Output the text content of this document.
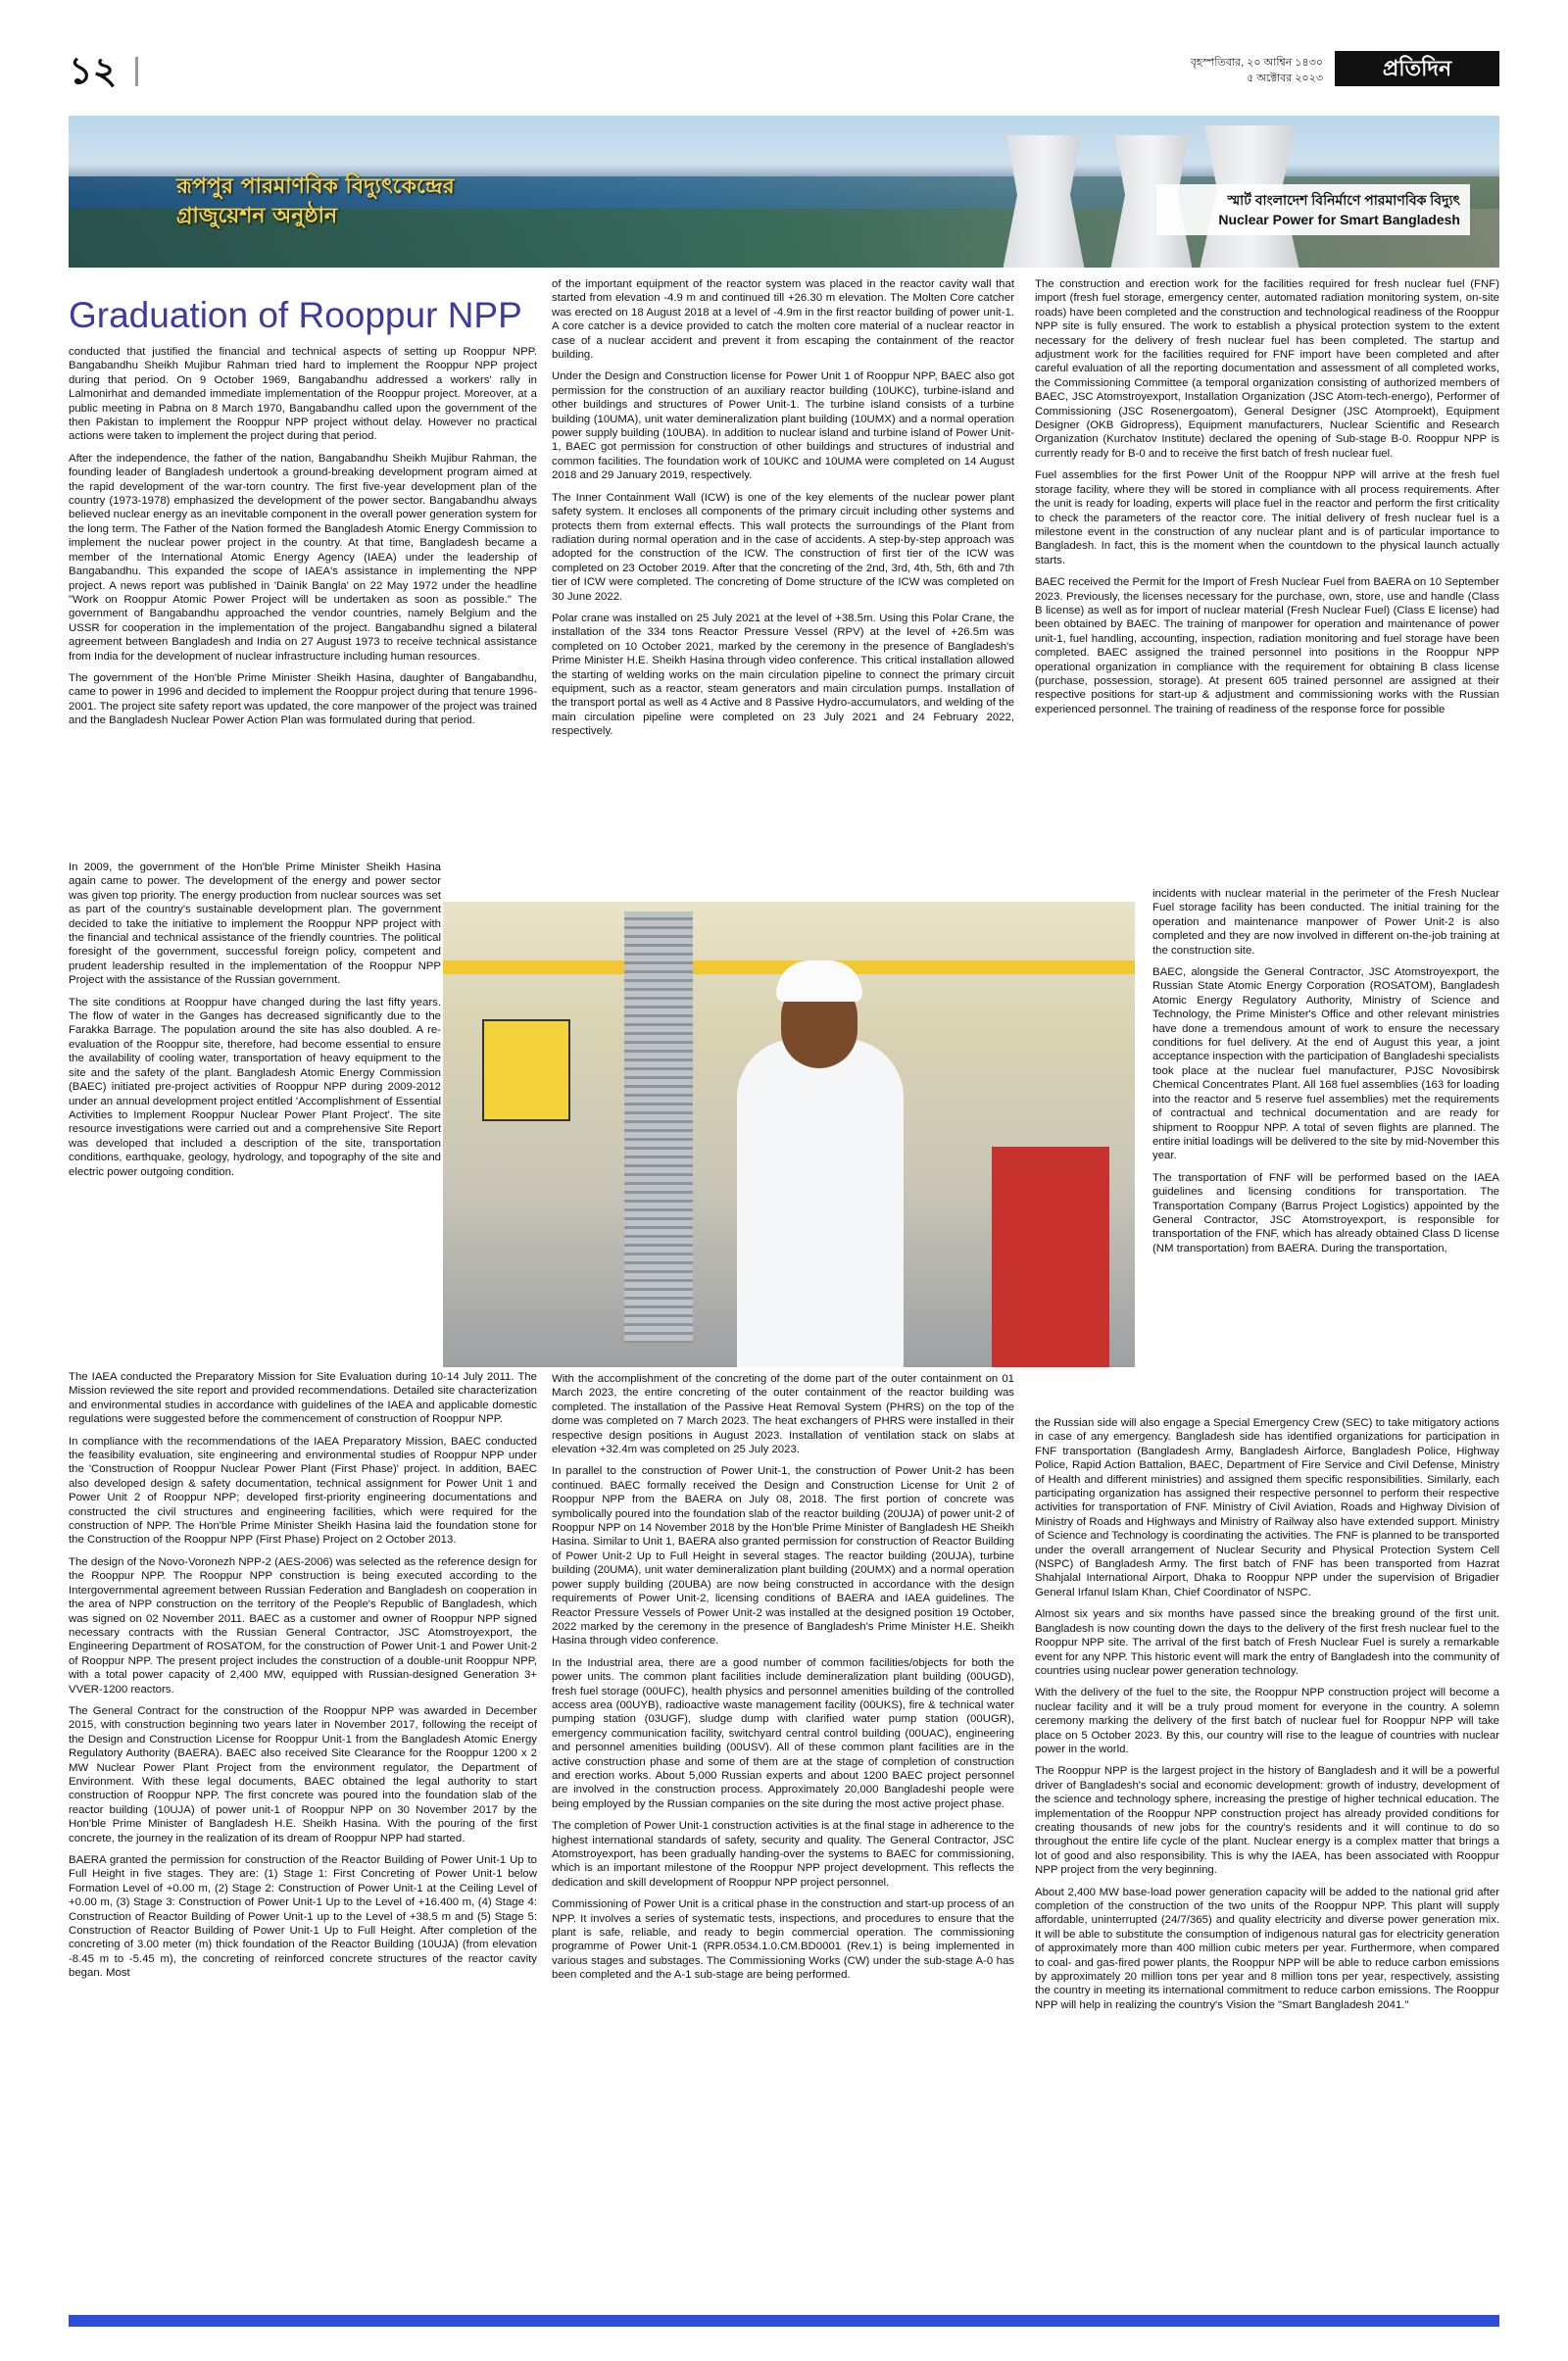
১২	বৃহস্পতিবার, ২০ আশ্বিন ১৪৩০
৫ অক্টোবর ২০২৩	প্রতিদিন
রূপপুর পারমাণবিক বিদ্যুৎকেন্দ্রের
গ্রাজুয়েশন অনুষ্ঠান
স্মার্ট বাংলাদেশ বিনির্মাণে পারমাণবিক বিদ্যুৎ
Nuclear Power for Smart Bangladesh
Graduation of Rooppur NPP

conducted that justified the financial and technical aspects of setting up Rooppur NPP. Bangabandhu Sheikh Mujibur Rahman tried hard to implement the Rooppur NPP project during that period. On 9 October 1969, Bangabandhu addressed a workers' rally in Lalmonirhat and demanded immediate implementation of the Rooppur project. Moreover, at a public meeting in Pabna on 8 March 1970, Bangabandhu called upon the government of the then Pakistan to implement the Rooppur NPP project without delay. However no practical actions were taken to implement the project during that period.

After the independence, the father of the nation, Bangabandhu Sheikh Mujibur Rahman, the founding leader of Bangladesh undertook a ground-breaking development program aimed at the rapid development of the war-torn country. The first five-year development plan of the country (1973-1978) emphasized the development of the power sector. Bangabandhu always believed nuclear energy as an inevitable component in the overall power generation system for the long term. The Father of the Nation formed the Bangladesh Atomic Energy Commission to implement the nuclear power project in the country. At that time, Bangladesh became a member of the International Atomic Energy Agency (IAEA) under the leadership of Bangabandhu. This expanded the scope of IAEA's assistance in implementing the NPP project. A news report was published in 'Dainik Bangla' on 22 May 1972 under the headline "Work on Rooppur Atomic Power Project will be undertaken as soon as possible." The government of Bangabandhu approached the vendor countries, namely Belgium and the USSR for cooperation in the implementation of the project. Bangabandhu signed a bilateral agreement between Bangladesh and India on 27 August 1973 to receive technical assistance from India for the development of nuclear infrastructure including human resources.

The government of the Hon'ble Prime Minister Sheikh Hasina, daughter of Bangabandhu, came to power in 1996 and decided to implement the Rooppur project during that tenure 1996-2001. The project site safety report was updated, the core manpower of the project was trained and the Bangladesh Nuclear Power Action Plan was formulated during that period.

In 2009, the government of the Hon'ble Prime Minister Sheikh Hasina again came to power. The development of the energy and power sector was given top priority. The energy production from nuclear sources was set as part of the country's sustainable development plan. The government decided to take the initiative to implement the Rooppur NPP project with the financial and technical assistance of the friendly countries. The political foresight of the government, successful foreign policy, competent and prudent leadership resulted in the implementation of the Rooppur NPP Project with the assistance of the Russian government.

The site conditions at Rooppur have changed during the last fifty years. The flow of water in the Ganges has decreased significantly due to the Farakka Barrage. The population around the site has also doubled. A re-evaluation of the Rooppur site, therefore, had become essential to ensure the availability of cooling water, transportation of heavy equipment to the site and the safety of the plant. Bangladesh Atomic Energy Commission (BAEC) initiated pre-project activities of Rooppur NPP during 2009-2012 under an annual development project entitled 'Accomplishment of Essential Activities to Implement Rooppur Nuclear Power Plant Project'. The site resource investigations were carried out and a comprehensive Site Report was developed that included a description of the site, transportation conditions, earthquake, geology, hydrology, and topography of the site and electric power outgoing condition.

The IAEA conducted the Preparatory Mission for Site Evaluation during 10-14 July 2011. The Mission reviewed the site report and provided recommendations. Detailed site characterization and environmental studies in accordance with guidelines of the IAEA and applicable domestic regulations were suggested before the commencement of construction of Rooppur NPP.

In compliance with the recommendations of the IAEA Preparatory Mission, BAEC conducted the feasibility evaluation, site engineering and environmental studies of Rooppur NPP under the 'Construction of Rooppur Nuclear Power Plant (First Phase)' project. In addition, BAEC also developed design & safety documentation, technical assignment for Power Unit 1 and Power Unit 2 of Rooppur NPP; developed first-priority engineering documentations and constructed the civil structures and engineering facilities, which were required for the construction of NPP. The Hon'ble Prime Minister Sheikh Hasina laid the foundation stone for the Construction of the Rooppur NPP (First Phase) Project on 2 October 2013.

The design of the Novo-Voronezh NPP-2 (AES-2006) was selected as the reference design for the Rooppur NPP. The Rooppur NPP construction is being executed according to the Intergovernmental agreement between Russian Federation and Bangladesh on cooperation in the area of NPP construction on the territory of the People's Republic of Bangladesh, which was signed on 02 November 2011. BAEC as a customer and owner of Rooppur NPP signed necessary contracts with the Russian General Contractor, JSC Atomstroyexport, the Engineering Department of ROSATOM, for the construction of Power Unit-1 and Power Unit-2 of Rooppur NPP. The present project includes the construction of a double-unit Rooppur NPP, with a total power capacity of 2,400 MW, equipped with Russian-designed Generation 3+ VVER-1200 reactors.

The General Contract for the construction of the Rooppur NPP was awarded in December 2015, with construction beginning two years later in November 2017, following the receipt of the Design and Construction License for Rooppur Unit-1 from the Bangladesh Atomic Energy Regulatory Authority (BAERA). BAEC also received Site Clearance for the Rooppur 1200 x 2 MW Nuclear Power Plant Project from the environment regulator, the Department of Environment. With these legal documents, BAEC obtained the legal authority to start construction of Rooppur NPP. The first concrete was poured into the foundation slab of the reactor building (10UJA) of power unit-1 of Rooppur NPP on 30 November 2017 by the Hon'ble Prime Minister of Bangladesh H.E. Sheikh Hasina. With the pouring of the first concrete, the journey in the realization of its dream of Rooppur NPP had started.

BAERA granted the permission for construction of the Reactor Building of Power Unit-1 Up to Full Height in five stages. They are: (1) Stage 1: First Concreting of Power Unit-1 below Formation Level of +0.00 m, (2) Stage 2: Construction of Power Unit-1 at the Ceiling Level of +0.00 m, (3) Stage 3: Construction of Power Unit-1 Up to the Level of +16.400 m, (4) Stage 4: Construction of Reactor Building of Power Unit-1 up to the Level of +38.5 m and (5) Stage 5: Construction of Reactor Building of Power Unit-1 Up to Full Height. After completion of the concreting of 3.00 meter (m) thick foundation of the Reactor Building (10UJA) (from elevation -8.45 m to -5.45 m), the concreting of reinforced concrete structures of the reactor cavity began. Most

of the important equipment of the reactor system was placed in the reactor cavity wall that started from elevation -4.9 m and continued till +26.30 m elevation. The Molten Core catcher was erected on 18 August 2018 at a level of -4.9m in the first reactor building of power unit-1. A core catcher is a device provided to catch the molten core material of a nuclear reactor in case of a nuclear accident and prevent it from escaping the containment of the reactor building.

Under the Design and Construction license for Power Unit 1 of Rooppur NPP, BAEC also got permission for the construction of an auxiliary reactor building (10UKC), turbine-island and other buildings and structures of Power Unit-1. The turbine island consists of a turbine building (10UMA), unit water demineralization plant building (10UMX) and a normal operation power supply building (10UBA). In addition to nuclear island and turbine island of Power Unit-1, BAEC got permission for construction of other buildings and structures of industrial and common facilities. The foundation work of 10UKC and 10UMA were completed on 14 August 2018 and 29 January 2019, respectively.

The Inner Containment Wall (ICW) is one of the key elements of the nuclear power plant safety system. It encloses all components of the primary circuit including other systems and protects them from external effects. This wall protects the surroundings of the Plant from radiation during normal operation and in the case of accidents. A step-by-step approach was adopted for the construction of the ICW. The construction of first tier of the ICW was completed on 23 October 2019. After that the concreting of the 2nd, 3rd, 4th, 5th, 6th and 7th tier of ICW were completed. The concreting of Dome structure of the ICW was completed on 30 June 2022.

Polar crane was installed on 25 July 2021 at the level of +38.5m. Using this Polar Crane, the installation of the 334 tons Reactor Pressure Vessel (RPV) at the level of +26.5m was completed on 10 October 2021, marked by the ceremony in the presence of Bangladesh's Prime Minister H.E. Sheikh Hasina through video conference. This critical installation allowed the starting of welding works on the main circulation pipeline to connect the primary circuit equipment, such as a reactor, steam generators and main circulation pumps. Installation of the transport portal as well as 4 Active and 8 Passive Hydro-accumulators, and welding of the main circulation pipeline were completed on 23 July 2021 and 24 February 2022, respectively.

With the accomplishment of the concreting of the dome part of the outer containment on 01 March 2023, the entire concreting of the outer containment of the reactor building was completed. The installation of the Passive Heat Removal System (PHRS) on the top of the dome was completed on 7 March 2023. The heat exchangers of PHRS were installed in their respective design positions in August 2023. Installation of ventilation stack on slabs at elevation +32.4m was completed on 25 July 2023.

In parallel to the construction of Power Unit-1, the construction of Power Unit-2 has been continued. BAEC formally received the Design and Construction License for Unit 2 of Rooppur NPP from the BAERA on July 08, 2018. The first portion of concrete was symbolically poured into the foundation slab of the reactor building (20UJA) of power unit-2 of Rooppur NPP on 14 November 2018 by the Hon'ble Prime Minister of Bangladesh HE Sheikh Hasina. Similar to Unit 1, BAERA also granted permission for construction of Reactor Building of Power Unit-2 Up to Full Height in several stages. The reactor building (20UJA), turbine building (20UMA), unit water demineralization plant building (20UMX) and a normal operation power supply building (20UBA) are now being constructed in accordance with the design requirements of Power Unit-2, licensing conditions of BAERA and IAEA guidelines. The Reactor Pressure Vessels of Power Unit-2 was installed at the designed position 19 October, 2022 marked by the ceremony in the presence of Bangladesh's Prime Minister H.E. Sheikh Hasina through video conference.

In the Industrial area, there are a good number of common facilities/objects for both the power units. The common plant facilities include demineralization plant building (00UGD), fresh fuel storage (00UFC), health physics and personnel amenities building of the controlled access area (00UYB), radioactive waste management facility (00UKS), fire & technical water pumping station (03UGF), sludge dump with clarified water pump station (00UGR), emergency communication facility, switchyard central control building (00UAC), engineering and personnel amenities building (00USV). All of these common plant facilities are in the active construction phase and some of them are at the stage of completion of construction and erection works. About 5,000 Russian experts and about 1200 BAEC project personnel are involved in the construction process. Approximately 20,000 Bangladeshi people were being employed by the Russian companies on the site during the most active project phase.

The completion of Power Unit-1 construction activities is at the final stage in adherence to the highest international standards of safety, security and quality. The General Contractor, JSC Atomstroyexport, has been gradually handing-over the systems to BAEC for commissioning, which is an important milestone of the Rooppur NPP project development. This reflects the dedication and skill development of Rooppur NPP project personnel.

Commissioning of Power Unit is a critical phase in the construction and start-up process of an NPP. It involves a series of systematic tests, inspections, and procedures to ensure that the plant is safe, reliable, and ready to begin commercial operation. The commissioning programme of Power Unit-1 (RPR.0534.1.0.CM.BD0001 (Rev.1) is being implemented in various stages and substages. The Commissioning Works (CW) under the sub-stage A-0 has been completed and the A-1 sub-stage are being performed.

The construction and erection work for the facilities required for fresh nuclear fuel (FNF) import (fresh fuel storage, emergency center, automated radiation monitoring system, on-site roads) have been completed and the construction and technological readiness of the Rooppur NPP site is fully ensured. The work to establish a physical protection system to the extent necessary for the delivery of fresh nuclear fuel has been completed. The startup and adjustment work for the facilities required for FNF import have been completed and after careful evaluation of all the reporting documentation and assessment of all completed works, the Commissioning Committee (a temporal organization consisting of authorized members of BAEC, JSC Atomstroyexport, Installation Organization (JSC Atom-tech-energo), Performer of Commissioning (JSC Rosenergoatom), General Designer (JSC Atomproekt), Equipment Designer (OKB Gidropress), Equipment manufacturers, Nuclear Scientific and Research Organization (Kurchatov Institute) declared the opening of Sub-stage B-0. Rooppur NPP is currently ready for B-0 and to receive the first batch of fresh nuclear fuel.

Fuel assemblies for the first Power Unit of the Rooppur NPP will arrive at the fresh fuel storage facility, where they will be stored in compliance with all process requirements. After the unit is ready for loading, experts will place fuel in the reactor and perform the first criticality to check the parameters of the reactor core. The initial delivery of fresh nuclear fuel is a milestone event in the construction of any nuclear plant and is of particular importance to Bangladesh. In fact, this is the moment when the countdown to the physical launch actually starts.

BAEC received the Permit for the Import of Fresh Nuclear Fuel from BAERA on 10 September 2023. Previously, the licenses necessary for the purchase, own, store, use and handle (Class B license) as well as for import of nuclear material (Fresh Nuclear Fuel) (Class E license) had been obtained by BAEC. The training of manpower for operation and maintenance of power unit-1, fuel handling, accounting, inspection, radiation monitoring and fuel storage have been completed. BAEC assigned the trained personnel into positions in the Rooppur NPP operational organization in compliance with the requirement for obtaining B class license (purchase, possession, storage). At present 605 trained personnel are assigned at their respective positions for start-up & adjustment and commissioning works with the Russian experienced personnel. The training of readiness of the response force for possible

incidents with nuclear material in the perimeter of the Fresh Nuclear Fuel storage facility has been conducted. The initial training for the operation and maintenance manpower of Power Unit-2 is also completed and they are now involved in different on-the-job training at the construction site.

BAEC, alongside the General Contractor, JSC Atomstroyexport, the Russian State Atomic Energy Corporation (ROSATOM), Bangladesh Atomic Energy Regulatory Authority, Ministry of Science and Technology, the Prime Minister's Office and other relevant ministries have done a tremendous amount of work to ensure the necessary conditions for fuel delivery. At the end of August this year, a joint acceptance inspection with the participation of Bangladeshi specialists took place at the nuclear fuel manufacturer, PJSC Novosibirsk Chemical Concentrates Plant. All 168 fuel assemblies (163 for loading into the reactor and 5 reserve fuel assemblies) met the requirements of contractual and technical documentation and are ready for shipment to Rooppur NPP. A total of seven flights are planned. The entire initial loadings will be delivered to the site by mid-November this year.

The transportation of FNF will be performed based on the IAEA guidelines and licensing conditions for transportation. The Transportation Company (Barrus Project Logistics) appointed by the General Contractor, JSC Atomstroyexport, is responsible for transportation of the FNF, which has already obtained Class D license (NM transportation) from BAERA. During the transportation,

the Russian side will also engage a Special Emergency Crew (SEC) to take mitigatory actions in case of any emergency. Bangladesh side has identified organizations for participation in FNF transportation (Bangladesh Army, Bangladesh Airforce, Bangladesh Police, Highway Police, Rapid Action Battalion, BAEC, Department of Fire Service and Civil Defense, Ministry of Health and different ministries) and assigned them specific responsibilities. Similarly, each participating organization has assigned their respective personnel to perform their respective activities for transportation of FNF. Ministry of Civil Aviation, Roads and Highway Division of Ministry of Roads and Highways and Ministry of Railway also have extended support. Ministry of Science and Technology is coordinating the activities. The FNF is planned to be transported under the overall arrangement of Nuclear Security and Physical Protection System Cell (NSPC) of Bangladesh Army. The first batch of FNF has been transported from Hazrat Shahjalal International Airport, Dhaka to Rooppur NPP under the supervision of Brigadier General Irfanul Islam Khan, Chief Coordinator of NSPC.

Almost six years and six months have passed since the breaking ground of the first unit. Bangladesh is now counting down the days to the delivery of the first fresh nuclear fuel to the Rooppur NPP site. The arrival of the first batch of Fresh Nuclear Fuel is surely a remarkable event for any NPP. This historic event will mark the entry of Bangladesh into the community of countries using nuclear power generation technology.

With the delivery of the fuel to the site, the Rooppur NPP construction project will become a nuclear facility and it will be a truly proud moment for everyone in the country. A solemn ceremony marking the delivery of the first batch of nuclear fuel for Rooppur NPP will take place on 5 October 2023. By this, our country will rise to the league of countries with nuclear power in the world.

The Rooppur NPP is the largest project in the history of Bangladesh and it will be a powerful driver of Bangladesh's social and economic development: growth of industry, development of the science and technology sphere, increasing the prestige of higher technical education. The implementation of the Rooppur NPP construction project has already provided conditions for creating thousands of new jobs for the country's residents and it will continue to do so throughout the entire life cycle of the plant. Nuclear energy is a complex matter that brings a lot of good and also responsibility. This is why the IAEA, has been associated with Rooppur NPP project from the very beginning.

About 2,400 MW base-load power generation capacity will be added to the national grid after completion of the construction of the two units of the Rooppur NPP. This plant will supply affordable, uninterrupted (24/7/365) and quality electricity and diverse power generation mix. It will be able to substitute the consumption of indigenous natural gas for electricity generation of approximately more than 400 million cubic meters per year. Furthermore, when compared to coal- and gas-fired power plants, the Rooppur NPP will be able to reduce carbon emissions by approximately 20 million tons per year and 8 million tons per year, respectively, assisting the country in meeting its international commitment to reduce carbon emissions. The Rooppur NPP will help in realizing the country's Vision the "Smart Bangladesh 2041."
